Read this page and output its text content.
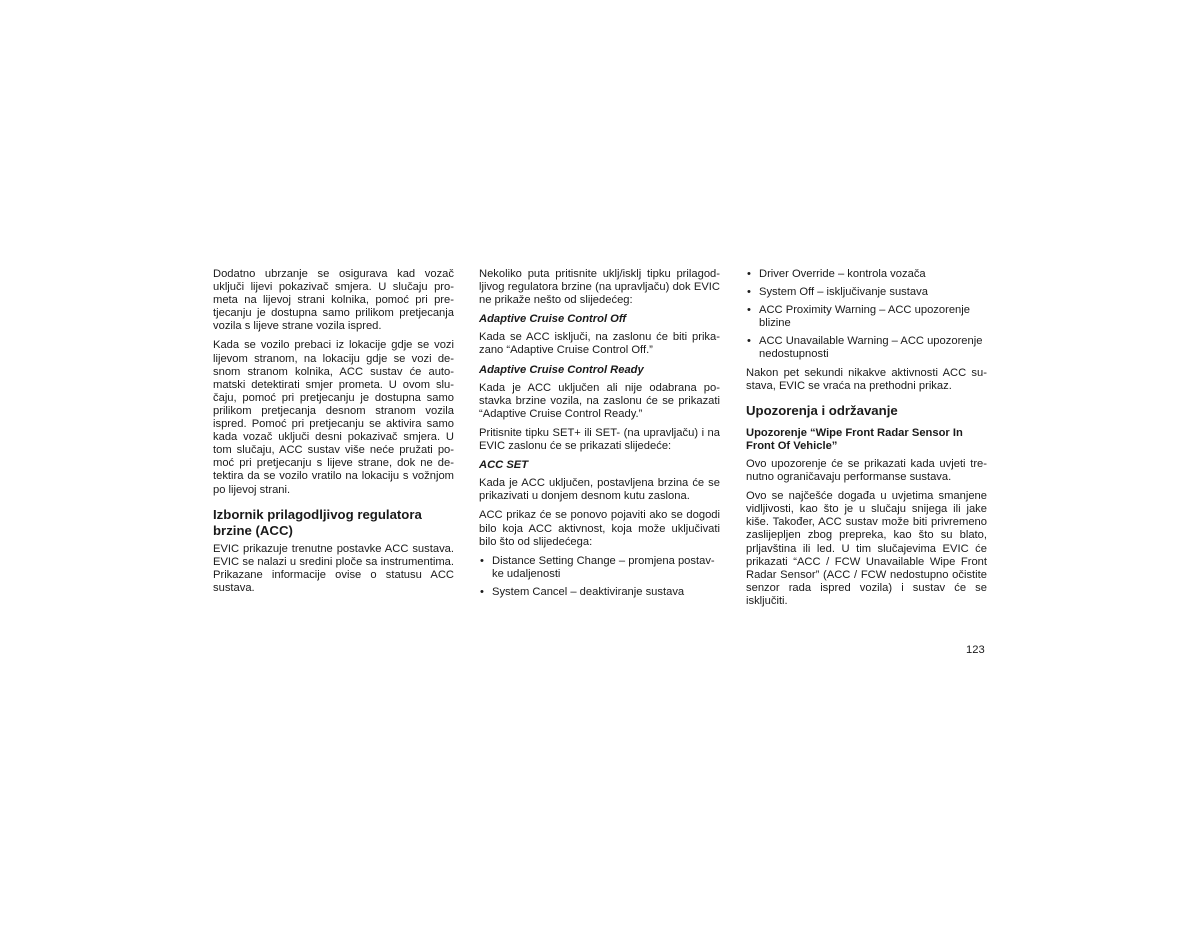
Dodatno ubrzanje se osigurava kad vozač uključi lijevi pokazivač smjera. U slučaju prometa na lijevoj strani kolnika, pomoć pri pretjecanju je dostupna samo prilikom pretjecanja vozila s lijeve strane vozila ispred.

Kada se vozilo prebaci iz lokacije gdje se vozi lijevom stranom, na lokaciju gdje se vozi desnom stranom kolnika, ACC sustav će automatski detektirati smjer prometa. U ovom slučaju, pomoć pri pretjecanju je dostupna samo prilikom pretjecanja desnom stranom vozila ispred. Pomoć pri pretjecanju se aktivira samo kada vozač uključi desni pokazivač smjera. U tom slučaju, ACC sustav više neće pružati pomoć pri pretjecanju s lijeve strane, dok ne detektira da se vozilo vratilo na lokaciju s vožnjom po lijevoj strani.

Izbornik prilagodljivog regulatora brzine (ACC)

EVIC prikazuje trenutne postavke ACC sustava. EVIC se nalazi u sredini ploče sa instrumentima. Prikazane informacije ovise o statusu ACC sustava.

Nekoliko puta pritisnite uklj/isklj tipku prilagodljivog regulatora brzine (na upravljaču) dok EVIC ne prikaže nešto od slijedećeg:

Adaptive Cruise Control Off

Kada se ACC isključi, na zaslonu će biti prikazano “Adaptive Cruise Control Off.”

Adaptive Cruise Control Ready

Kada je ACC uključen ali nije odabrana postavka brzine vozila, na zaslonu će se prikazati “Adaptive Cruise Control Ready.”

Pritisnite tipku SET+ ili SET- (na upravljaču) i na EVIC zaslonu će se prikazati slijedeće:

ACC SET

Kada je ACC uključen, postavljena brzina će se prikazivati u donjem desnom kutu zaslona.

ACC prikaz će se ponovo pojaviti ako se dogodi bilo koja ACC aktivnost, koja može uključivati bilo što od slijedećega:

• Distance Setting Change – promjena postavke udaljenosti
• System Cancel – deaktiviranje sustava
• Driver Override – kontrola vozača
• System Off – isključivanje sustava
• ACC Proximity Warning – ACC upozorenje blizine
• ACC Unavailable Warning – ACC upozorenje nedostupnosti

Nakon pet sekundi nikakve aktivnosti ACC sustava, EVIC se vraća na prethodni prikaz.

Upozorenja i održavanje
Upozorenje “Wipe Front Radar Sensor In Front Of Vehicle”

Ovo upozorenje će se prikazati kada uvjeti trenutno ograničavaju performanse sustava.

Ovo se najčešće događa u uvjetima smanjene vidljivosti, kao što je u slučaju snijega ili jake kiše. Također, ACC sustav može biti privremeno zaslijepljen zbog prepreka, kao što su blato, prljavština ili led. U tim slučajevima EVIC će prikazati “ACC / FCW Unavailable Wipe Front Radar Sensor” (ACC / FCW nedostupno očistite senzor rada ispred vozila) i sustav će se isključiti.

123
